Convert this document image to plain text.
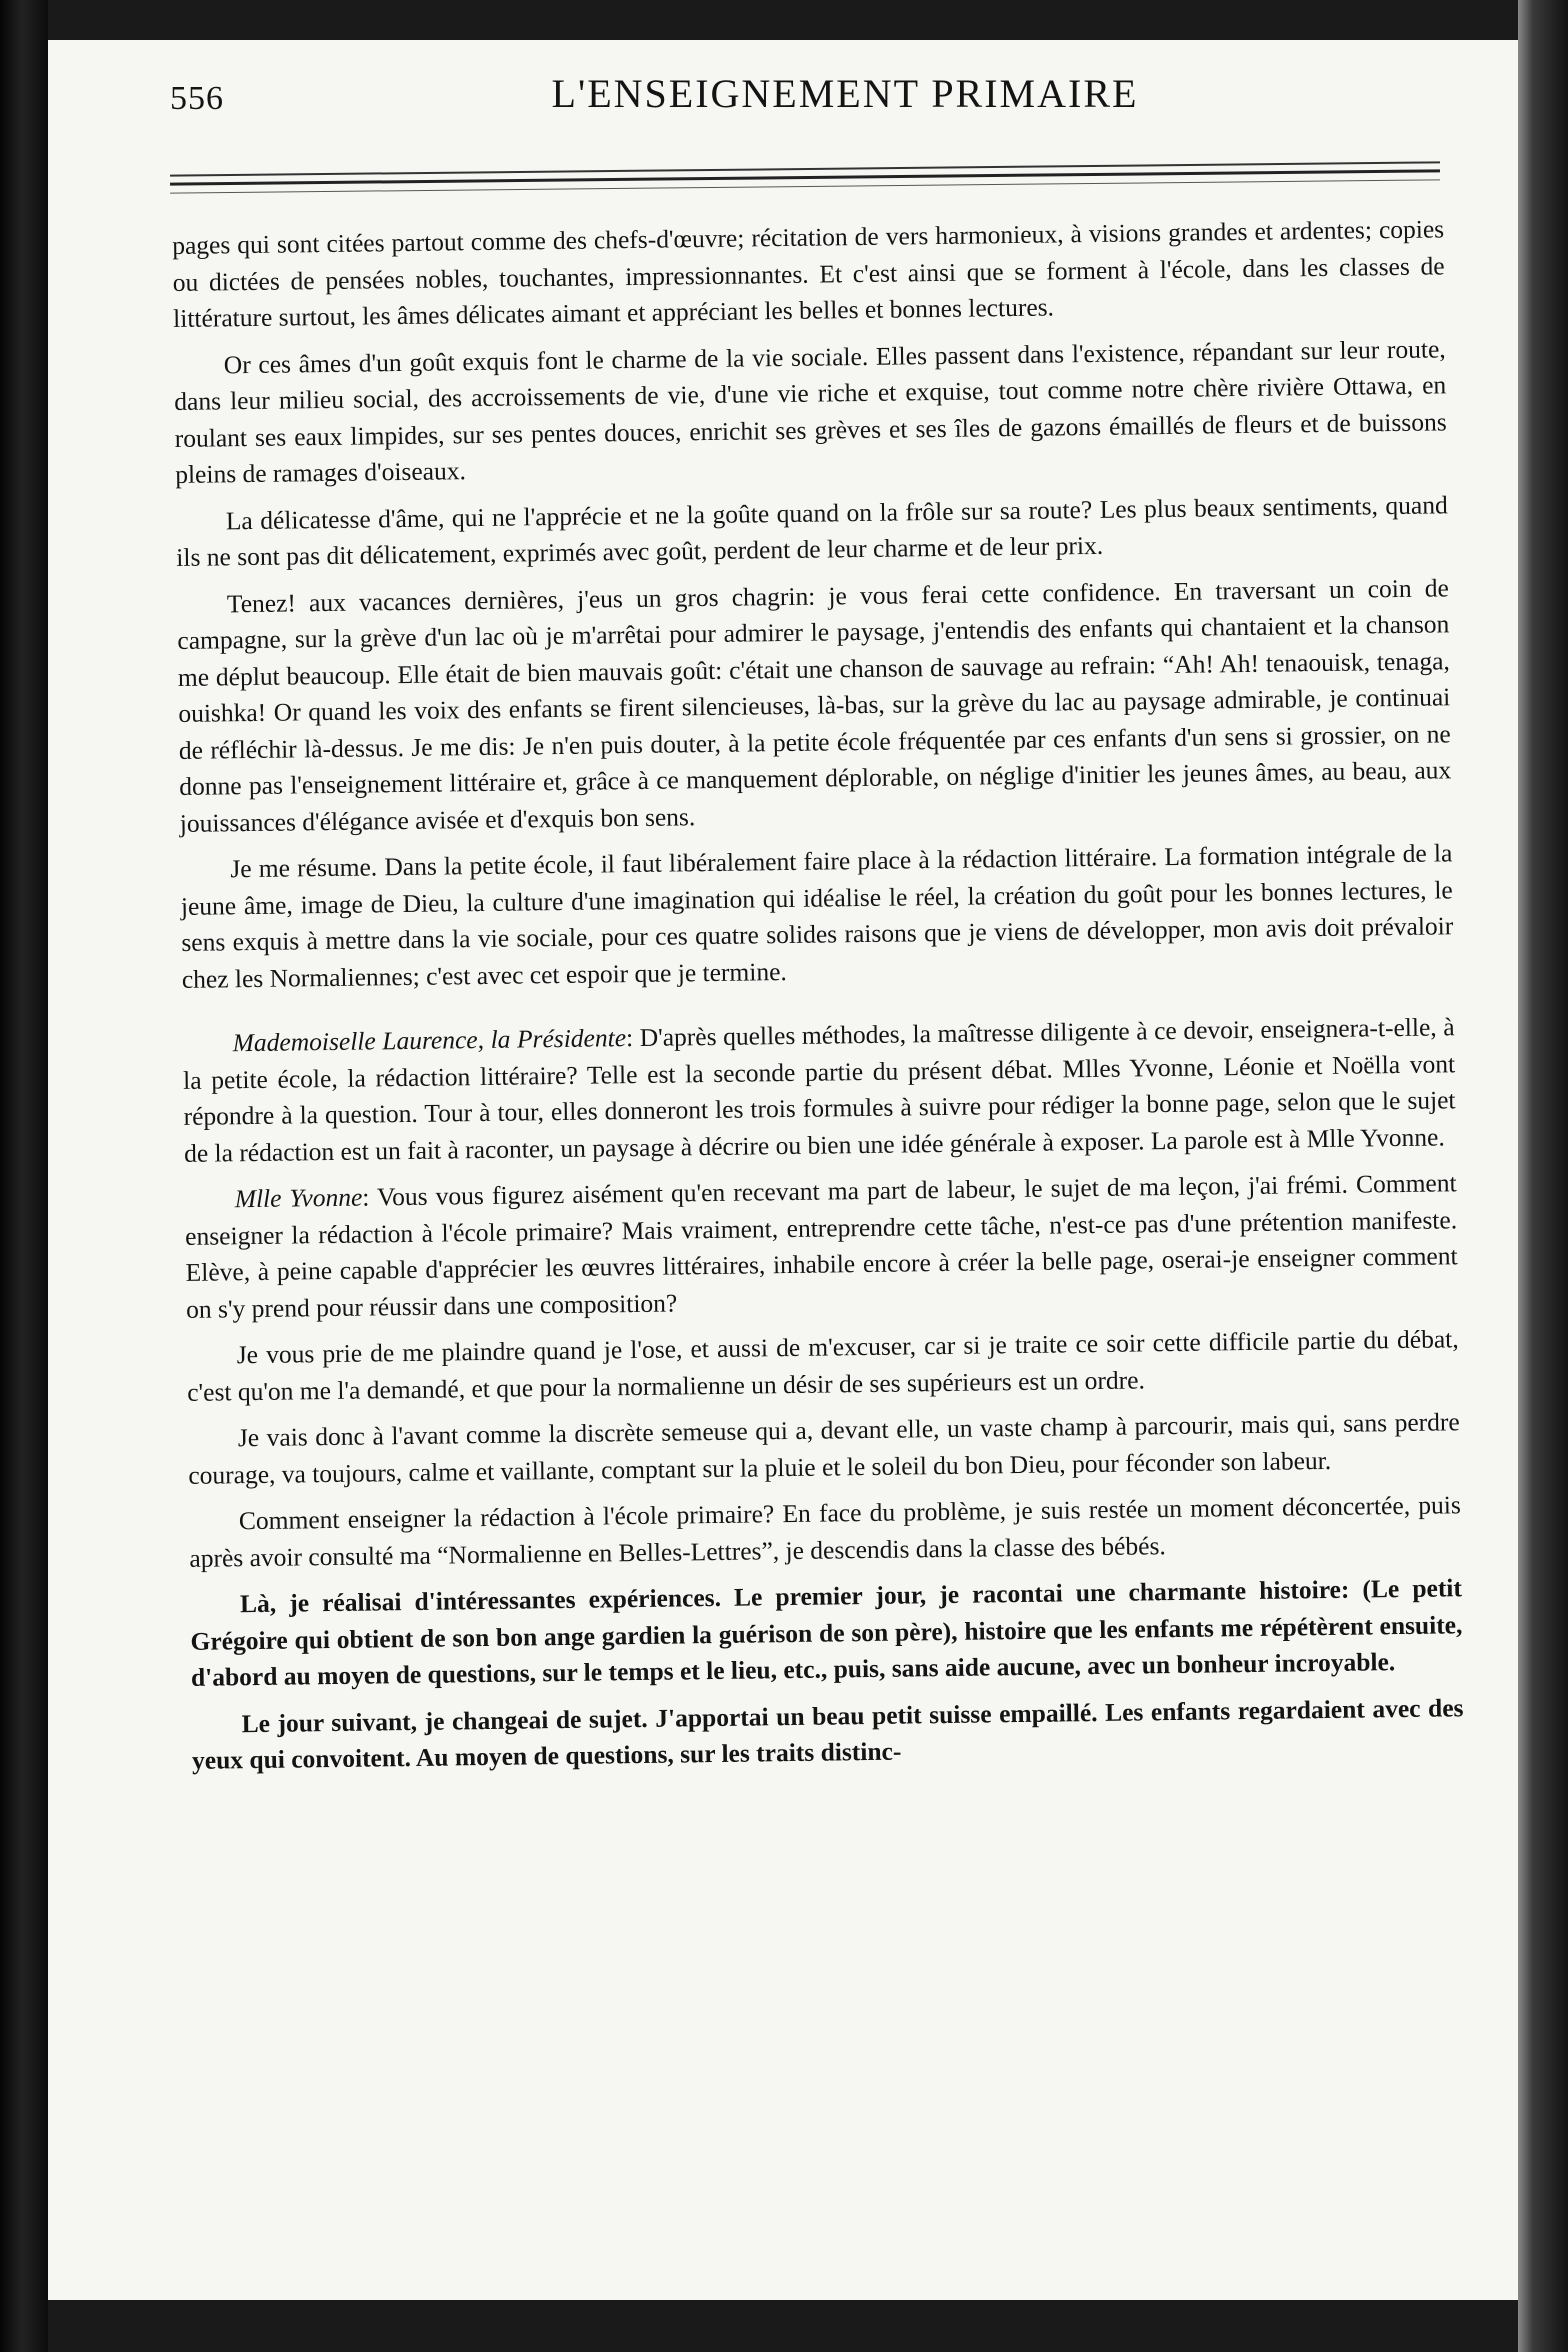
556	L'ENSEIGNEMENT PRIMAIRE

pages qui sont citées partout comme des chefs-d'œuvre; récitation de vers harmonieux, à visions grandes et ardentes; copies ou dictées de pensées nobles, touchantes, impressionnantes. Et c'est ainsi que se forment à l'école, dans les classes de littérature surtout, les âmes délicates aimant et appréciant les belles et bonnes lectures.

Or ces âmes d'un goût exquis font le charme de la vie sociale. Elles passent dans l'existence, répandant sur leur route, dans leur milieu social, des accroissements de vie, d'une vie riche et exquise, tout comme notre chère rivière Ottawa, en roulant ses eaux limpides, sur ses pentes douces, enrichit ses grèves et ses îles de gazons émaillés de fleurs et de buissons pleins de ramages d'oiseaux.

La délicatesse d'âme, qui ne l'apprécie et ne la goûte quand on la frôle sur sa route? Les plus beaux sentiments, quand ils ne sont pas dit délicatement, exprimés avec goût, perdent de leur charme et de leur prix.

Tenez! aux vacances dernières, j'eus un gros chagrin: je vous ferai cette confidence. En traversant un coin de campagne, sur la grève d'un lac où je m'arrêtai pour admirer le paysage, j'entendis des enfants qui chantaient et la chanson me déplut beaucoup. Elle était de bien mauvais goût: c'était une chanson de sauvage au refrain: “Ah! Ah! tenaouisk, tenaga, ouishka! Or quand les voix des enfants se firent silencieuses, là-bas, sur la grève du lac au paysage admirable, je continuai de réfléchir là-dessus. Je me dis: Je n'en puis douter, à la petite école fréquentée par ces enfants d'un sens si grossier, on ne donne pas l'enseignement littéraire et, grâce à ce manquement déplorable, on néglige d'initier les jeunes âmes, au beau, aux jouissances d'élégance avisée et d'exquis bon sens.

Je me résume. Dans la petite école, il faut libéralement faire place à la rédaction littéraire. La formation intégrale de la jeune âme, image de Dieu, la culture d'une imagination qui idéalise le réel, la création du goût pour les bonnes lectures, le sens exquis à mettre dans la vie sociale, pour ces quatre solides raisons que je viens de développer, mon avis doit prévaloir chez les Normaliennes; c'est avec cet espoir que je termine.

Mademoiselle Laurence, la Présidente: D'après quelles méthodes, la maîtresse diligente à ce devoir, enseignera-t-elle, à la petite école, la rédaction littéraire? Telle est la seconde partie du présent débat. Mlles Yvonne, Léonie et Noëlla vont répondre à la question. Tour à tour, elles donneront les trois formules à suivre pour rédiger la bonne page, selon que le sujet de la rédaction est un fait à raconter, un paysage à décrire ou bien une idée générale à exposer. La parole est à Mlle Yvonne.

Mlle Yvonne: Vous vous figurez aisément qu'en recevant ma part de labeur, le sujet de ma leçon, j'ai frémi. Comment enseigner la rédaction à l'école primaire? Mais vraiment, entreprendre cette tâche, n'est-ce pas d'une prétention manifeste. Elève, à peine capable d'apprécier les œuvres littéraires, inhabile encore à créer la belle page, oserai-je enseigner comment on s'y prend pour réussir dans une composition?

Je vous prie de me plaindre quand je l'ose, et aussi de m'excuser, car si je traite ce soir cette difficile partie du débat, c'est qu'on me l'a demandé, et que pour la normalienne un désir de ses supérieurs est un ordre.

Je vais donc à l'avant comme la discrète semeuse qui a, devant elle, un vaste champ à parcourir, mais qui, sans perdre courage, va toujours, calme et vaillante, comptant sur la pluie et le soleil du bon Dieu, pour féconder son labeur.

Comment enseigner la rédaction à l'école primaire? En face du problème, je suis restée un moment déconcertée, puis après avoir consulté ma “Normalienne en Belles-Lettres”, je descendis dans la classe des bébés.

Là, je réalisai d'intéressantes expériences. Le premier jour, je racontai une charmante histoire: (Le petit Grégoire qui obtient de son bon ange gardien la guérison de son père), histoire que les enfants me répétèrent ensuite, d'abord au moyen de questions, sur le temps et le lieu, etc., puis, sans aide aucune, avec un bonheur incroyable.

Le jour suivant, je changeai de sujet. J'apportai un beau petit suisse empaillé. Les enfants regardaient avec des yeux qui convoitent. Au moyen de questions, sur les traits distinc-
